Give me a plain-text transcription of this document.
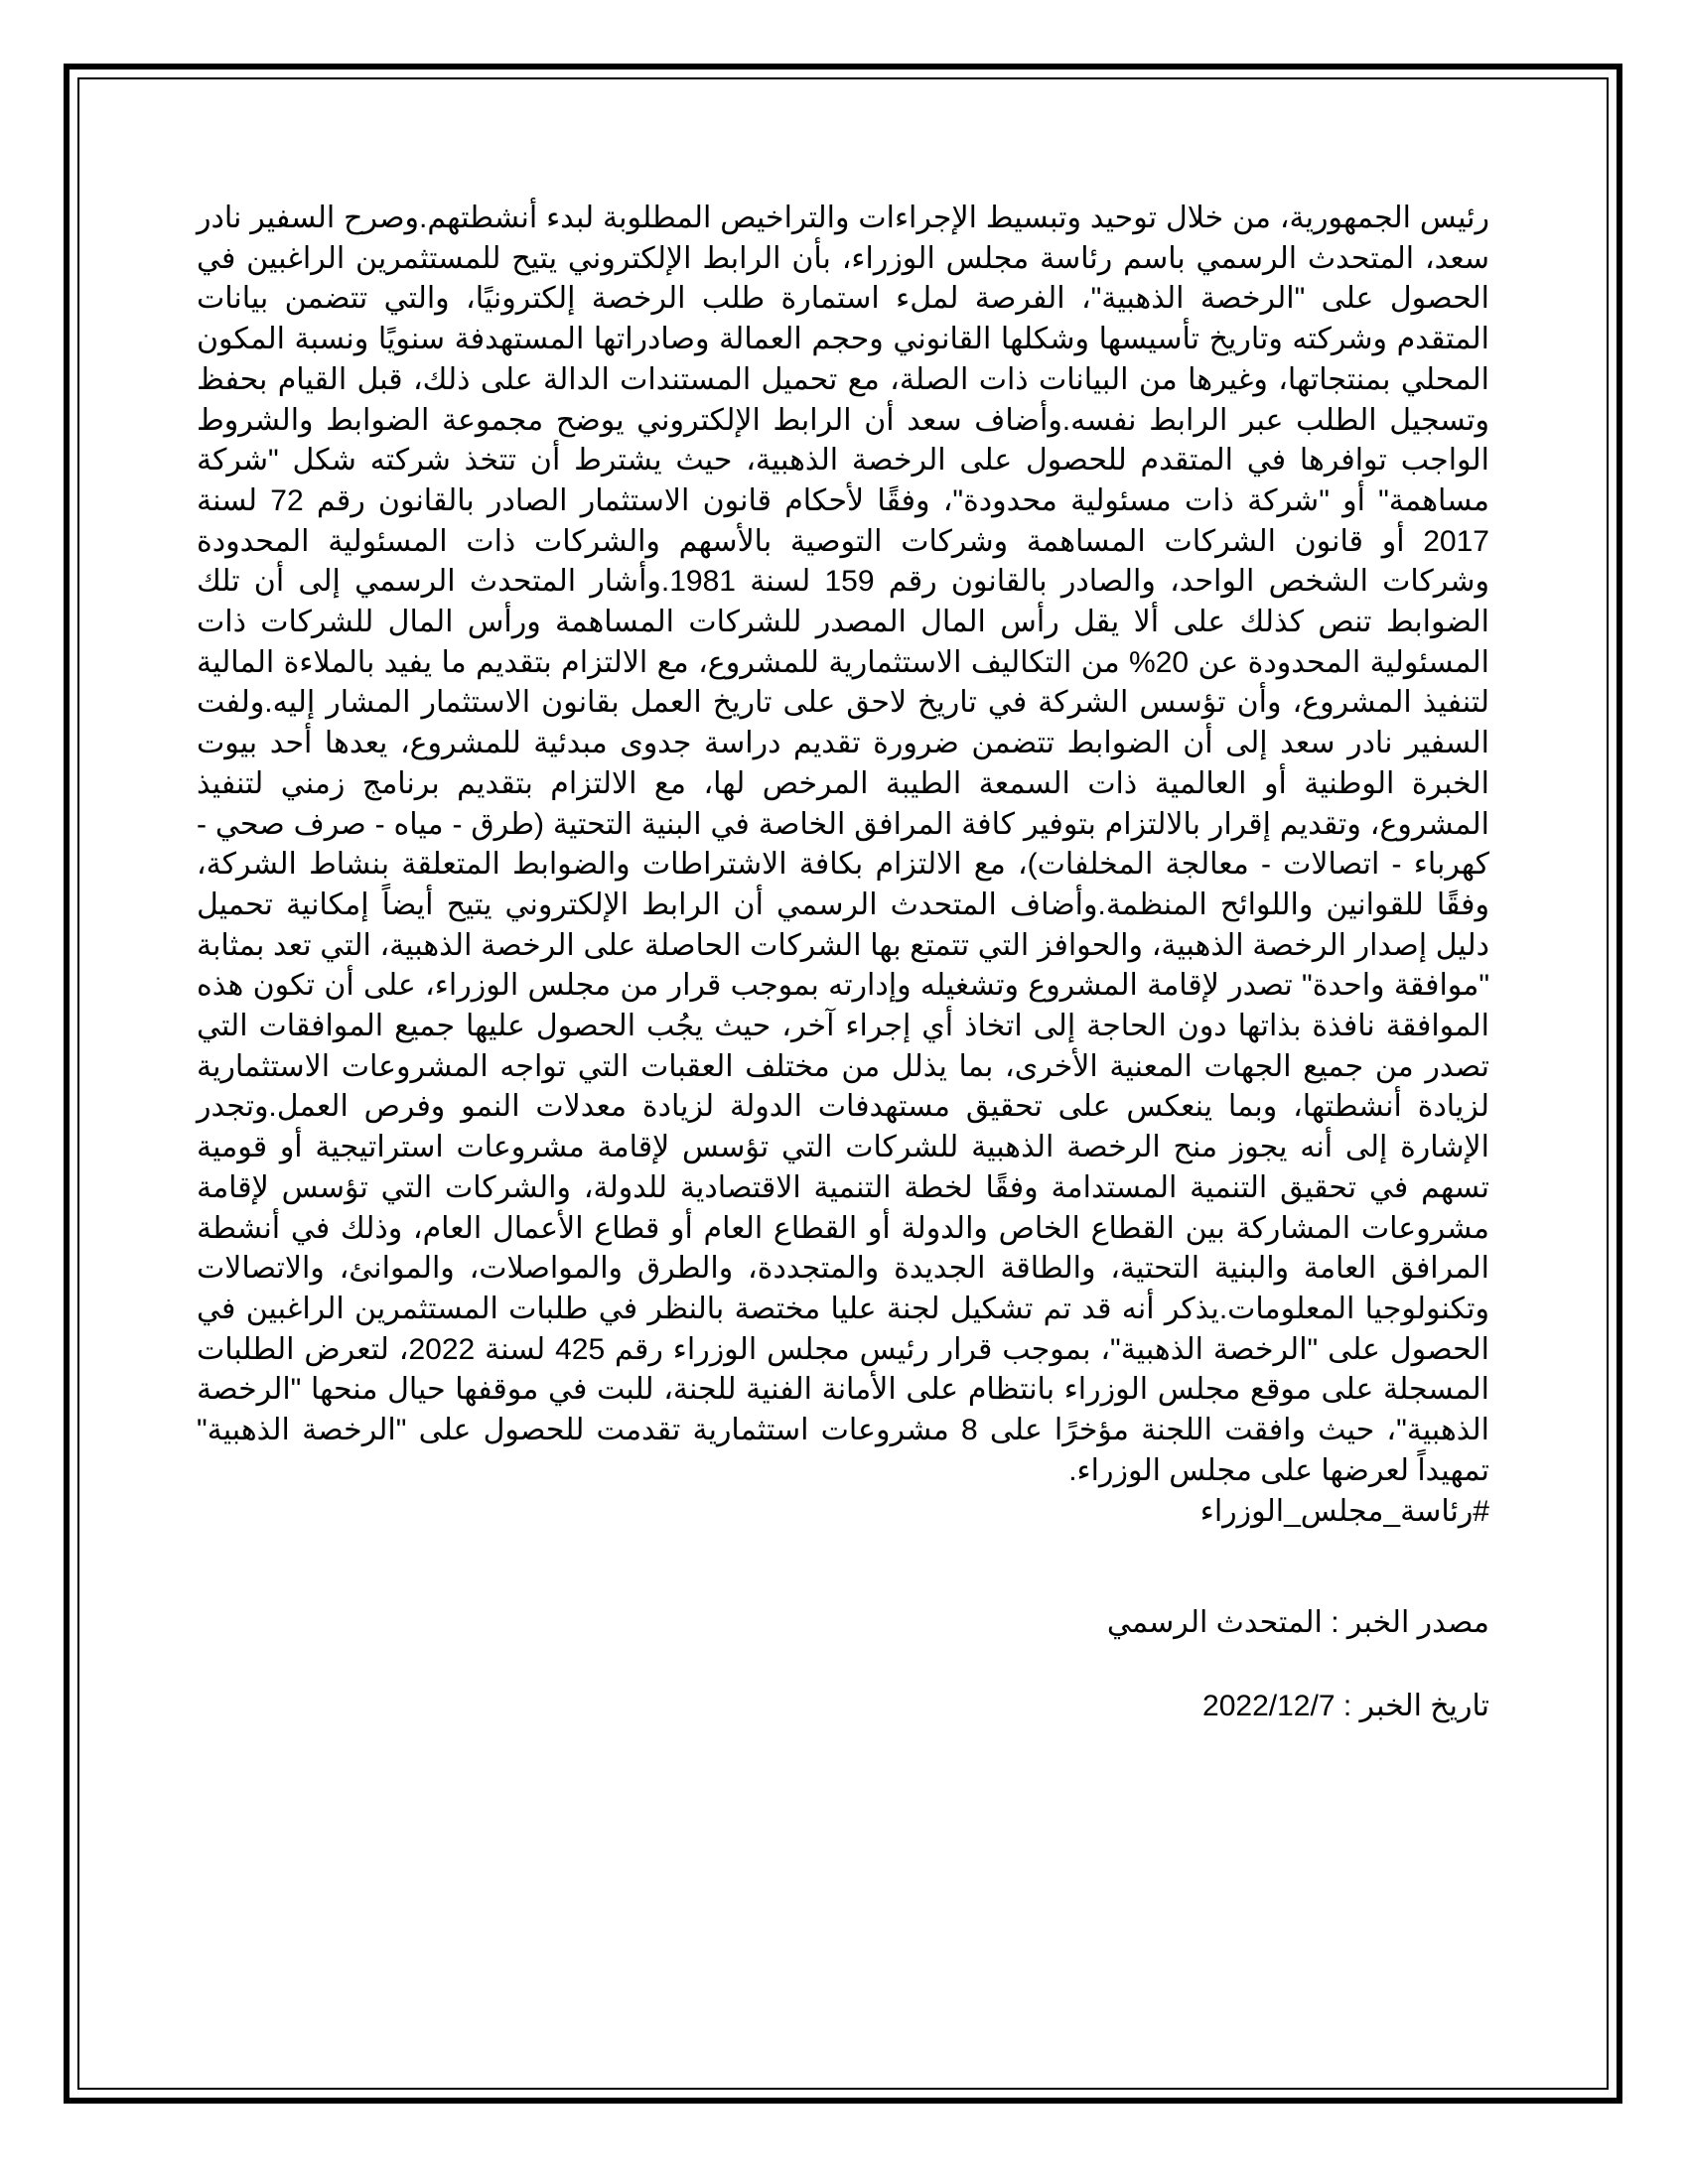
رئيس الجمهورية، من خلال توحيد وتبسيط الإجراءات والتراخيص المطلوبة لبدء أنشطتهم.وصرح السفير نادر سعد، المتحدث الرسمي باسم رئاسة مجلس الوزراء، بأن الرابط الإلكتروني يتيح للمستثمرين الراغبين في الحصول على "الرخصة الذهبية"، الفرصة لملء استمارة طلب الرخصة إلكترونيًا، والتي تتضمن بيانات المتقدم وشركته وتاريخ تأسيسها وشكلها القانوني وحجم العمالة وصادراتها المستهدفة سنويًا ونسبة المكون المحلي بمنتجاتها، وغيرها من البيانات ذات الصلة، مع تحميل المستندات الدالة على ذلك، قبل القيام بحفظ وتسجيل الطلب عبر الرابط نفسه.وأضاف سعد أن الرابط الإلكتروني يوضح مجموعة الضوابط والشروط الواجب توافرها في المتقدم للحصول على الرخصة الذهبية، حيث يشترط أن تتخذ شركته شكل "شركة مساهمة" أو "شركة ذات مسئولية محدودة"، وفقًا لأحكام قانون الاستثمار الصادر بالقانون رقم 72 لسنة 2017 أو قانون الشركات المساهمة وشركات التوصية بالأسهم والشركات ذات المسئولية المحدودة وشركات الشخص الواحد، والصادر بالقانون رقم 159 لسنة 1981.وأشار المتحدث الرسمي إلى أن تلك الضوابط تنص كذلك على ألا يقل رأس المال المصدر للشركات المساهمة ورأس المال للشركات ذات المسئولية المحدودة عن 20% من التكاليف الاستثمارية للمشروع، مع الالتزام بتقديم ما يفيد بالملاءة المالية لتنفيذ المشروع، وأن تؤسس الشركة في تاريخ لاحق على تاريخ العمل بقانون الاستثمار المشار إليه.ولفت السفير نادر سعد إلى أن الضوابط تتضمن ضرورة تقديم دراسة جدوى مبدئية للمشروع، يعدها أحد بيوت الخبرة الوطنية أو العالمية ذات السمعة الطيبة المرخص لها، مع الالتزام بتقديم برنامج زمني لتنفيذ المشروع، وتقديم إقرار بالالتزام بتوفير كافة المرافق الخاصة في البنية التحتية (طرق - مياه - صرف صحي - كهرباء - اتصالات - معالجة المخلفات)، مع الالتزام بكافة الاشتراطات والضوابط المتعلقة بنشاط الشركة، وفقًا للقوانين واللوائح المنظمة.وأضاف المتحدث الرسمي أن الرابط الإلكتروني يتيح أيضاً إمكانية تحميل دليل إصدار الرخصة الذهبية، والحوافز التي تتمتع بها الشركات الحاصلة على الرخصة الذهبية، التي تعد بمثابة "موافقة واحدة" تصدر لإقامة المشروع وتشغيله وإدارته بموجب قرار من مجلس الوزراء، على أن تكون هذه الموافقة نافذة بذاتها دون الحاجة إلى اتخاذ أي إجراء آخر، حيث يجُب الحصول عليها جميع الموافقات التي تصدر من جميع الجهات المعنية الأخرى، بما يذلل من مختلف العقبات التي تواجه المشروعات الاستثمارية لزيادة أنشطتها، وبما ينعكس على تحقيق مستهدفات الدولة لزيادة معدلات النمو وفرص العمل.وتجدر الإشارة إلى أنه يجوز منح الرخصة الذهبية للشركات التي تؤسس لإقامة مشروعات استراتيجية أو قومية تسهم في تحقيق التنمية المستدامة وفقًا لخطة التنمية الاقتصادية للدولة، والشركات التي تؤسس لإقامة مشروعات المشاركة بين القطاع الخاص والدولة أو القطاع العام أو قطاع الأعمال العام، وذلك في أنشطة المرافق العامة والبنية التحتية، والطاقة الجديدة والمتجددة، والطرق والمواصلات، والموانئ، والاتصالات وتكنولوجيا المعلومات.يذكر أنه قد تم تشكيل لجنة عليا مختصة بالنظر في طلبات المستثمرين الراغبين في الحصول على "الرخصة الذهبية"، بموجب قرار رئيس مجلس الوزراء رقم 425 لسنة 2022، لتعرض الطلبات المسجلة على موقع مجلس الوزراء بانتظام على الأمانة الفنية للجنة، للبت في موقفها حيال منحها "الرخصة الذهبية"، حيث وافقت اللجنة مؤخرًا على 8 مشروعات استثمارية تقدمت للحصول على "الرخصة الذهبية" تمهيداً لعرضها على مجلس الوزراء.

#رئاسة_مجلس_الوزراء

مصدر الخبر : المتحدث الرسمي

تاريخ الخبر : 2022/12/7
